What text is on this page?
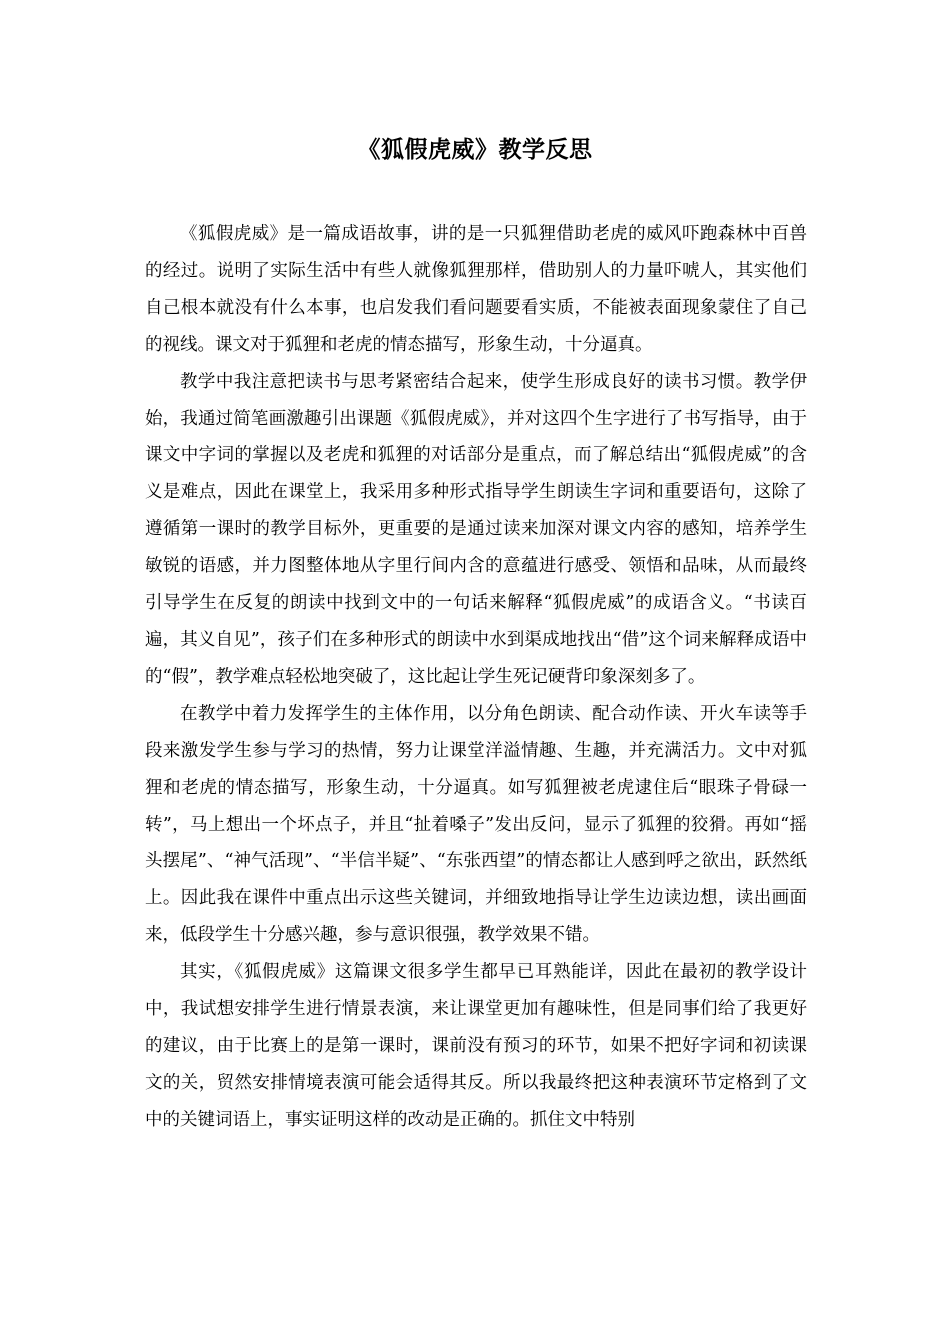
《狐假虎威》教学反思

《狐假虎威》是一篇成语故事，讲的是一只狐狸借助老虎的威风吓跑森林中百兽的经过。说明了实际生活中有些人就像狐狸那样，借助别人的力量吓唬人，其实他们自己根本就没有什么本事，也启发我们看问题要看实质，不能被表面现象蒙住了自己的视线。课文对于狐狸和老虎的情态描写，形象生动，十分逼真。

教学中我注意把读书与思考紧密结合起来，使学生形成良好的读书习惯。教学伊始，我通过简笔画激趣引出课题《狐假虎威》，并对这四个生字进行了书写指导，由于课文中字词的掌握以及老虎和狐狸的对话部分是重点，而了解总结出“狐假虎威”的含义是难点，因此在课堂上，我采用多种形式指导学生朗读生字词和重要语句，这除了遵循第一课时的教学目标外，更重要的是通过读来加深对课文内容的感知，培养学生敏锐的语感，并力图整体地从字里行间内含的意蕴进行感受、领悟和品味，从而最终引导学生在反复的朗读中找到文中的一句话来解释“狐假虎威”的成语含义。“书读百遍，其义自见”，孩子们在多种形式的朗读中水到渠成地找出“借”这个词来解释成语中的“假”，教学难点轻松地突破了，这比起让学生死记硬背印象深刻多了。

在教学中着力发挥学生的主体作用，以分角色朗读、配合动作读、开火车读等手段来激发学生参与学习的热情，努力让课堂洋溢情趣、生趣，并充满活力。文中对狐狸和老虎的情态描写，形象生动，十分逼真。如写狐狸被老虎逮住后“眼珠子骨碌一转”，马上想出一个坏点子，并且“扯着嗓子”发出反问，显示了狐狸的狡猾。再如“摇头摆尾”、“神气活现”、“半信半疑”、“东张西望”的情态都让人感到呼之欲出，跃然纸上。因此我在课件中重点出示这些关键词，并细致地指导让学生边读边想，读出画面来，低段学生十分感兴趣，参与意识很强，教学效果不错。

其实，《狐假虎威》这篇课文很多学生都早已耳熟能详，因此在最初的教学设计中，我试想安排学生进行情景表演，来让课堂更加有趣味性，但是同事们给了我更好的建议，由于比赛上的是第一课时，课前没有预习的环节，如果不把好字词和初读课文的关，贸然安排情境表演可能会适得其反。所以我最终把这种表演环节定格到了文中的关键词语上，事实证明这样的改动是正确的。抓住文中特别
